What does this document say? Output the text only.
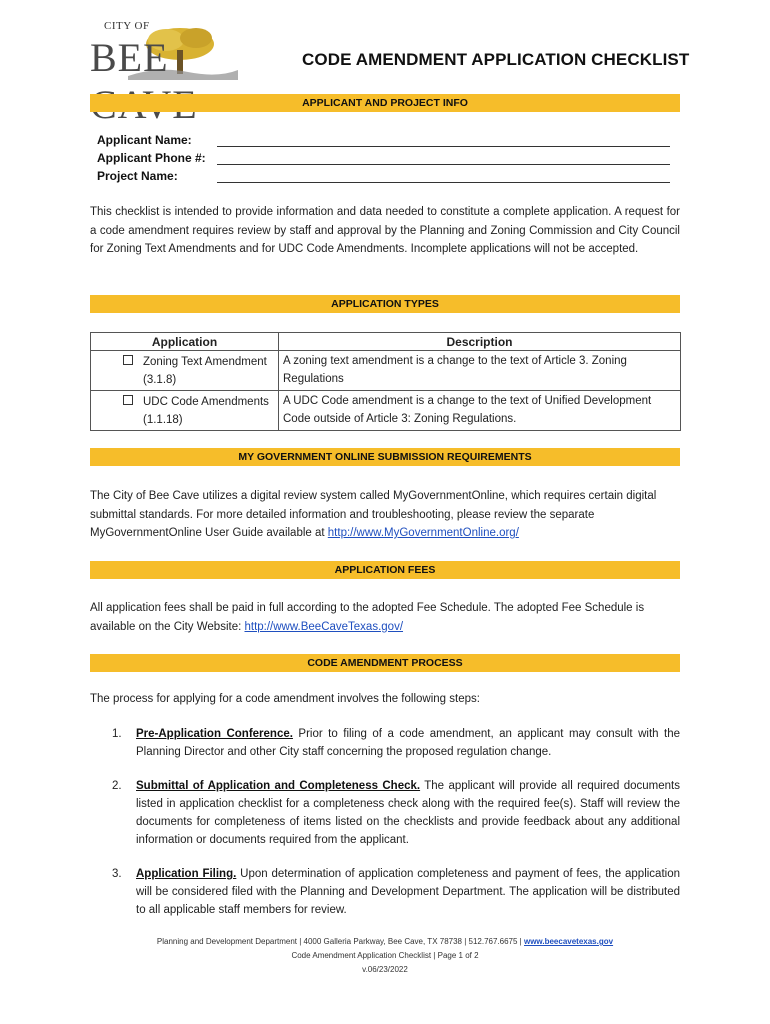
CITY OF
BEE	CODE AMENDMENT APPLICATION CHECKLIST
APPLICANT AND PROJECT INFO
Applicant Name:
Applicant Phone #:
Project Name:
This checklist is intended to provide information and data needed to constitute a complete application. A request for a code amendment requires review by staff and approval by the Planning and Zoning Commission and City Council for Zoning Text Amendments and for UDC Code Amendments. Incomplete applications will not be accepted.
APPLICATION TYPES
Application	Description

Zoning Text Amendment (3.1.8)	A zoning text amendment is a change to the text of Article 3. Zoning Regulations

UDC Code Amendments (1.1.18)	A UDC Code amendment is a change to the text of Unified Development Code outside of Article 3: Zoning Regulations.
MY GOVERNMENT ONLINE SUBMISSION REQUIREMENTS
The City of Bee Cave utilizes a digital review system called MyGovernmentOnline, which requires certain digital submittal standards. For more detailed information and troubleshooting, please review the separate MyGovernmentOnline User Guide available at http://www.MyGovernmentOnline.org/
APPLICATION FEES
All application fees shall be paid in full according to the adopted Fee Schedule. The adopted Fee Schedule is available on the City Website: http://www.BeeCaveTexas.gov/
CODE AMENDMENT PROCESS
The process for applying for a code amendment involves the following steps:
1. Pre-Application Conference. Prior to filing of a code amendment, an applicant may consult with the Planning Director and other City staff concerning the proposed regulation change.
2. Submittal of Application and Completeness Check. The applicant will provide all required documents listed in application checklist for a completeness check along with the required fee(s). Staff will review the documents for completeness of items listed on the checklists and provide feedback about any additional information or documents required from the applicant.
3. Application Filing. Upon determination of application completeness and payment of fees, the application will be considered filed with the Planning and Development Department. The application will be distributed to all applicable staff members for review.
Planning and Development Department | 4000 Galleria Parkway, Bee Cave, TX 78738 | 512.767.6675 | www.beecavetexas.gov
Code Amendment Application Checklist | Page 1 of 2
v.06/23/2022
